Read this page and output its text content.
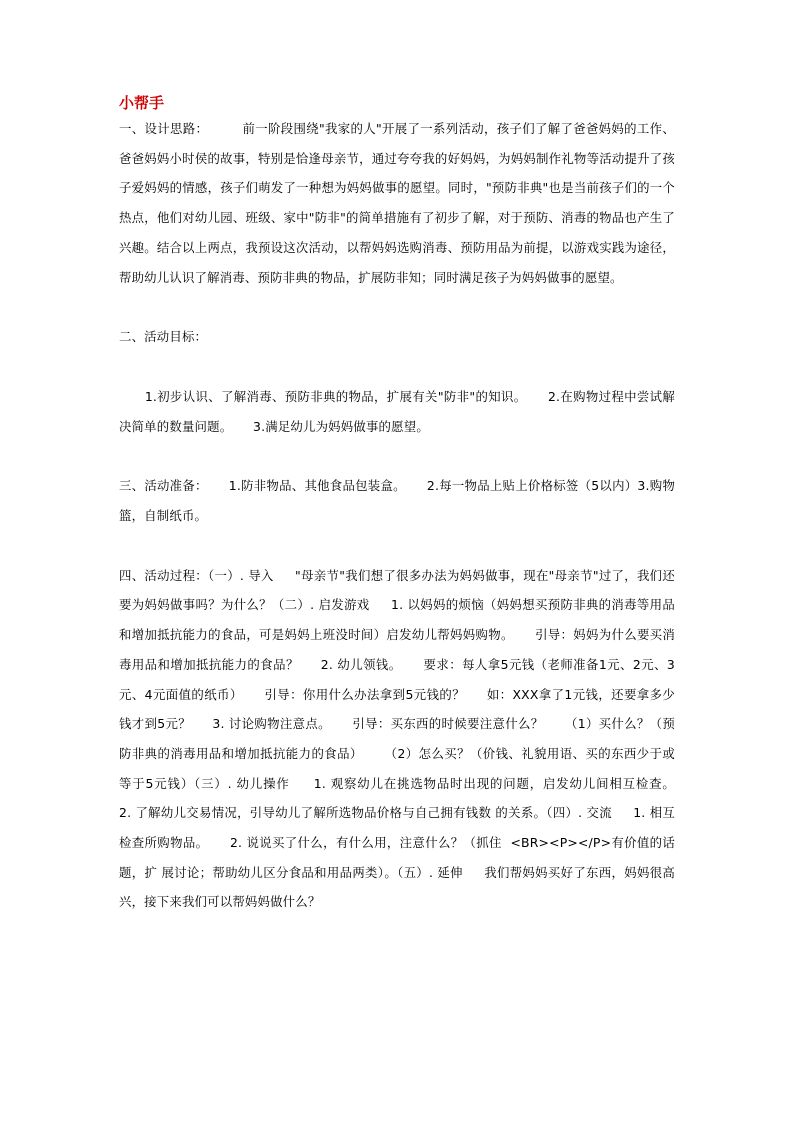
小帮手

一、设计思路：        前一阶段围绕"我家的人"开展了一系列活动，孩子们了解了爸爸妈妈的工作、爸爸妈妈小时侯的故事，特别是恰逢母亲节，通过夸夸我的好妈妈，为妈妈制作礼物等活动提升了孩子爱妈妈的情感，孩子们萌发了一种想为妈妈做事的愿望。同时，"预防非典"也是当前孩子们的一个热点，他们对幼儿园、班级、家中"防非"的简单措施有了初步了解，对于预防、消毒的物品也产生了兴趣。结合以上两点，我预设这次活动，以帮妈妈选购消毒、预防用品为前提，以游戏实践为途径，帮助幼儿认识了解消毒、预防非典的物品，扩展防非知；同时满足孩子为妈妈做事的愿望。

二、活动目标：

1.初步认识、了解消毒、预防非典的物品，扩展有关"防非"的知识。     2.在购物过程中尝试解决简单的数量问题。     3.满足幼儿为妈妈做事的愿望。

三、活动准备：     1.防非物品、其他食品包装盒。     2.每一物品上贴上价格标签（5以内）3.购物篮，自制纸币。

四、活动过程：（一）. 导入     "母亲节"我们想了很多办法为妈妈做事，现在"母亲节"过了，我们还要为妈妈做事吗？为什么？（二）. 启发游戏     1. 以妈妈的烦恼（妈妈想买预防非典的消毒等用品和增加抵抗能力的食品，可是妈妈上班没时间）启发幼儿帮妈妈购物。     引导：妈妈为什么要买消毒用品和增加抵抗能力的食品？     2. 幼儿领钱。     要求：每人拿5元钱（老师准备1元、2元、3元、4元面值的纸币）     引导：你用什么办法拿到5元钱的？     如：XXX拿了1元钱，还要拿多少钱才到5元？     3. 讨论购物注意点。     引导：买东西的时候要注意什么？     （1）买什么？（预防非典的消毒用品和增加抵抗能力的食品）     （2）怎么买？（价钱、礼貌用语、买的东西少于或等于5元钱）（三）. 幼儿操作     1. 观察幼儿在挑选物品时出现的问题，启发幼儿间相互检查。     2. 了解幼儿交易情况，引导幼儿了解所选物品价格与自己拥有钱数 的关系。（四）. 交流     1. 相互检查所购物品。     2. 说说买了什么，有什么用，注意什么？（抓住  <BR><P></P>有价值的话题，扩 展讨论；帮助幼儿区分食品和用品两类）。（五）. 延伸     我们帮妈妈买好了东西，妈妈很高兴，接下来我们可以帮妈妈做什么？
